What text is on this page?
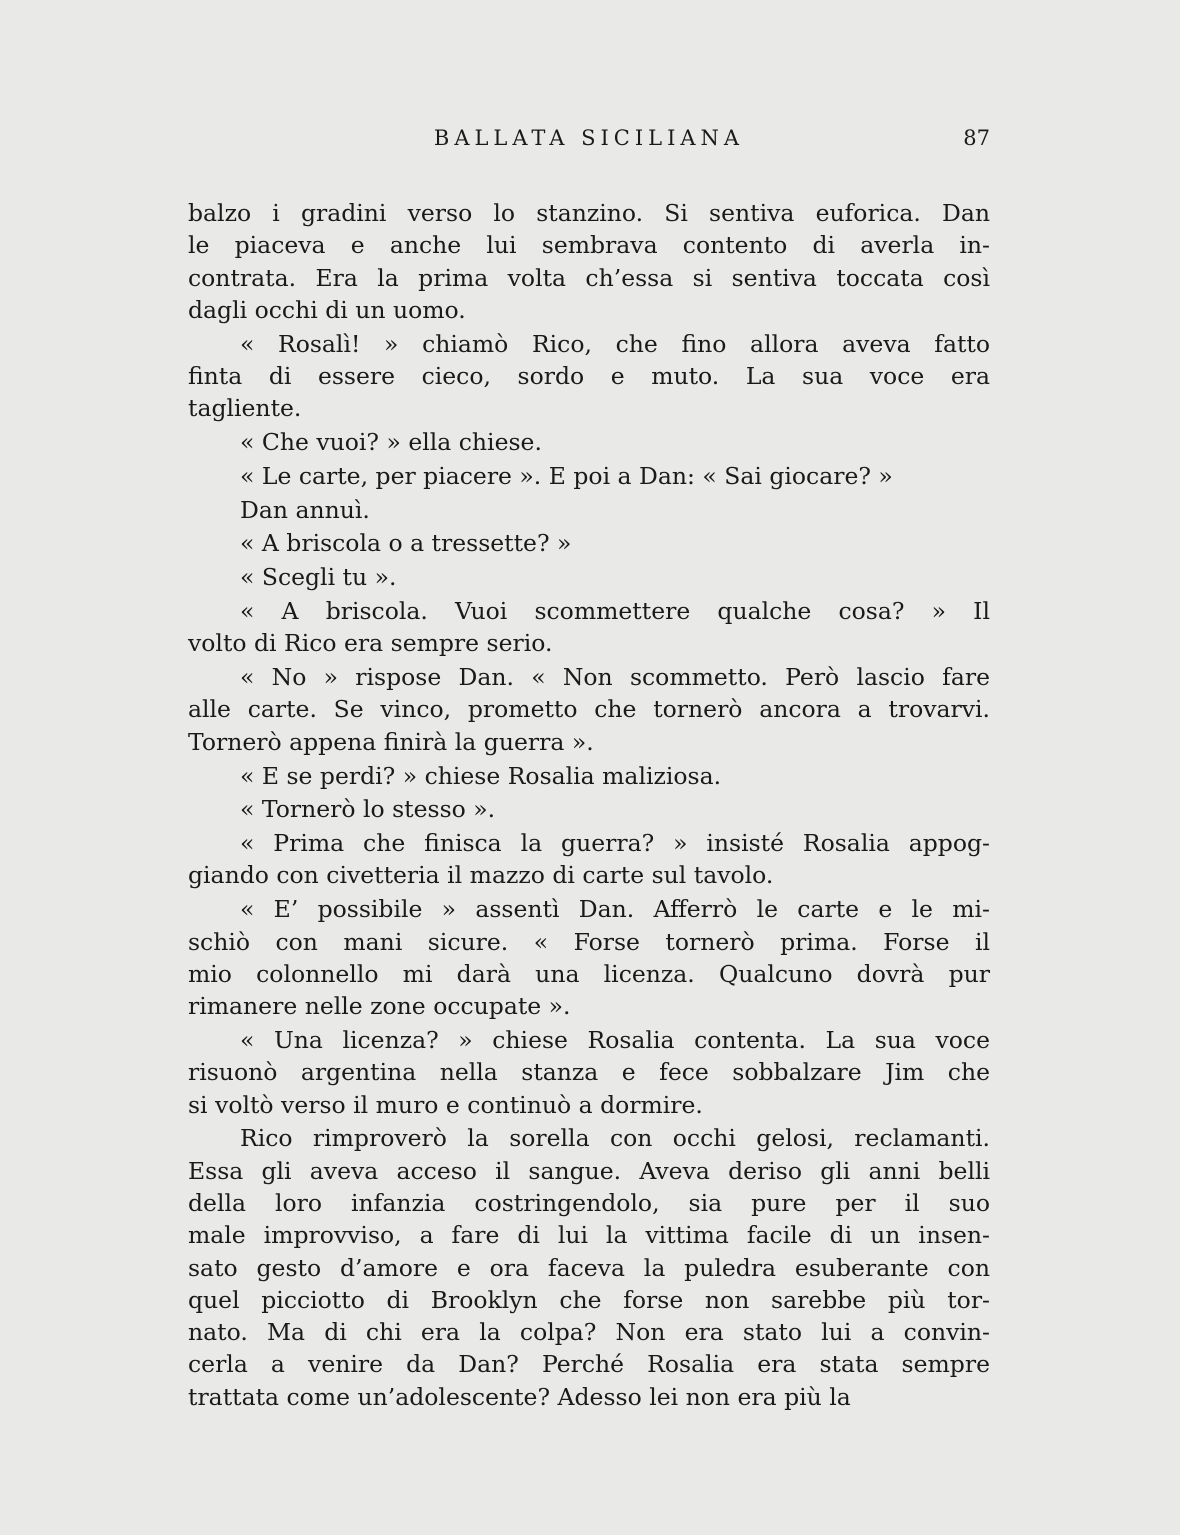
BALLATA SICILIANA	87
balzo i gradini verso lo stanzino. Si sentiva euforica. Dan
le piaceva e anche lui sembrava contento di averla in-
contrata. Era la prima volta ch’essa si sentiva toccata così
dagli occhi di un uomo.
« Rosalì! » chiamò Rico, che fino allora aveva fatto
finta di essere cieco, sordo e muto. La sua voce era
tagliente.
« Che vuoi? » ella chiese.
« Le carte, per piacere ». E poi a Dan: « Sai giocare? »
Dan annuì.
« A briscola o a tressette? »
« Scegli tu ».
« A briscola. Vuoi scommettere qualche cosa? » Il
volto di Rico era sempre serio.
« No » rispose Dan. « Non scommetto. Però lascio fare
alle carte. Se vinco, prometto che tornerò ancora a trovarvi.
Tornerò appena finirà la guerra ».
« E se perdi? » chiese Rosalia maliziosa.
« Tornerò lo stesso ».
« Prima che finisca la guerra? » insisté Rosalia appog-
giando con civetteria il mazzo di carte sul tavolo.
« E’ possibile » assentì Dan. Afferrò le carte e le mi-
schiò con mani sicure. « Forse tornerò prima. Forse il
mio colonnello mi darà una licenza. Qualcuno dovrà pur
rimanere nelle zone occupate ».
« Una licenza? » chiese Rosalia contenta. La sua voce
risuonò argentina nella stanza e fece sobbalzare Jim che
si voltò verso il muro e continuò a dormire.
Rico rimproverò la sorella con occhi gelosi, reclamanti.
Essa gli aveva acceso il sangue. Aveva deriso gli anni belli
della loro infanzia costringendolo, sia pure per il suo
male improvviso, a fare di lui la vittima facile di un insen-
sato gesto d’amore e ora faceva la puledra esuberante con
quel picciotto di Brooklyn che forse non sarebbe più tor-
nato. Ma di chi era la colpa? Non era stato lui a convin-
cerla a venire da Dan? Perché Rosalia era stata sempre
trattata come un’adolescente? Adesso lei non era più la
